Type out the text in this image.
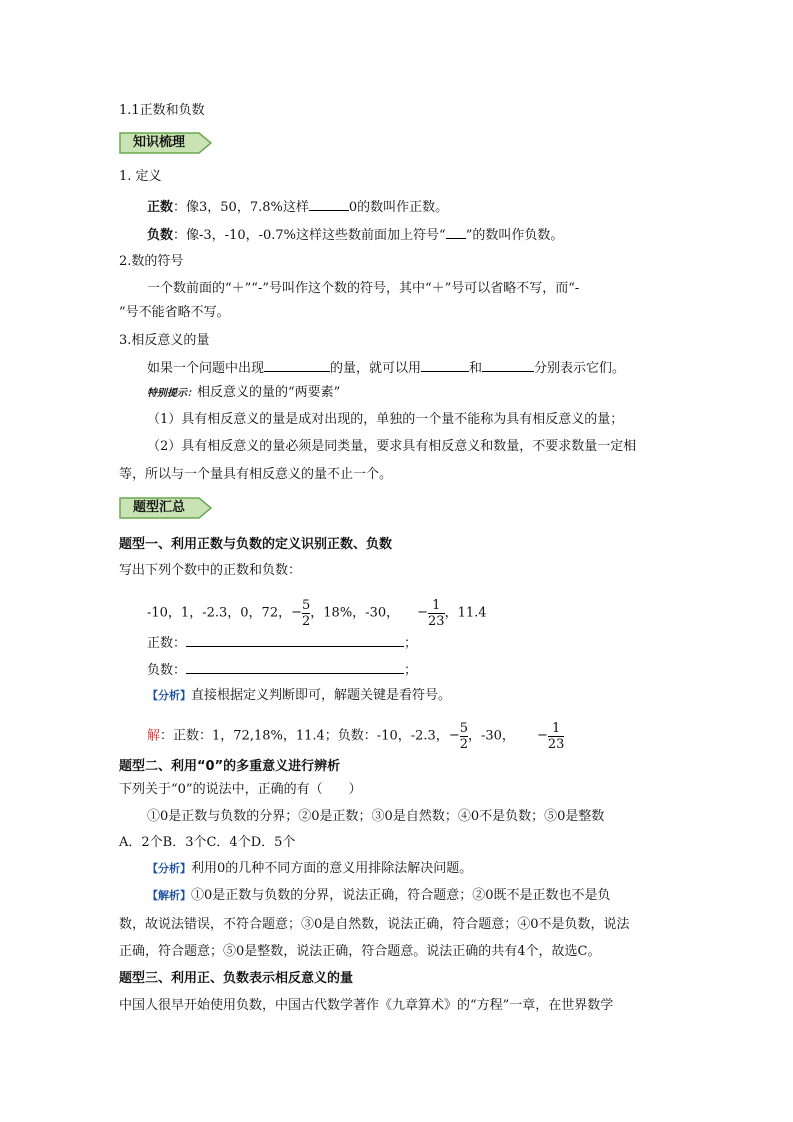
1.1正数和负数
知识梳理
1. 定义
正数：像3，50，7.8%这样	0的数叫作正数。
负数：像-3，-10，-0.7%这样这些数前面加上符号“ ”的数叫作负数。
2.数的符号
一个数前面的“＋”“-”号叫作这个数的符号，其中“＋”号可以省略不写，而“-
”号不能省略不写。
3.相反意义的量
如果一个问题中出现	的量，就可以用	和	分别表示它们。
特别提示：相反意义的量的“两要素”
（1）具有相反意义的量是成对出现的，单独的一个量不能称为具有相反意义的量；
（2）具有相反意义的量必须是同类量，要求具有相反意义和数量，不要求数量一定相
等，所以与一个量具有相反意义的量不止一个。
题型汇总
题型一、利用正数与负数的定义识别正数、负数
写出下列个数中的正数和负数：
-10，1，-2.3，0，72，− $\frac{5}{2}$ ，18%，-30， − $\frac{1}{23}$ ，11.4
正数：	；
负数：	；
【分析】直接根据定义判断即可，解题关键是看符号。
解：正数：1，72,18%，11.4；负数：-10，-2.3，− $\frac{5}{2}$ ，-30， − $\frac{1}{23}$
题型二、利用“0”的多重意义进行辨析
下列关于“0”的说法中，正确的有（　　）
①0是正数与负数的分界；②0是正数；③0是自然数；④0不是负数；⑤0是整数
A．2个B．3个C．4个D．5个
【分析】利用0的几种不同方面的意义用排除法解决问题。
【解析】①0是正数与负数的分界，说法正确，符合题意；②0既不是正数也不是负
数，故说法错误，不符合题意；③0是自然数，说法正确，符合题意；④0不是负数，说法
正确，符合题意；⑤0是整数，说法正确，符合题意。说法正确的共有4个，故选C。
题型三、利用正、负数表示相反意义的量
中国人很早开始使用负数，中国古代数学著作《九章算术》的“方程”一章，在世界数学
